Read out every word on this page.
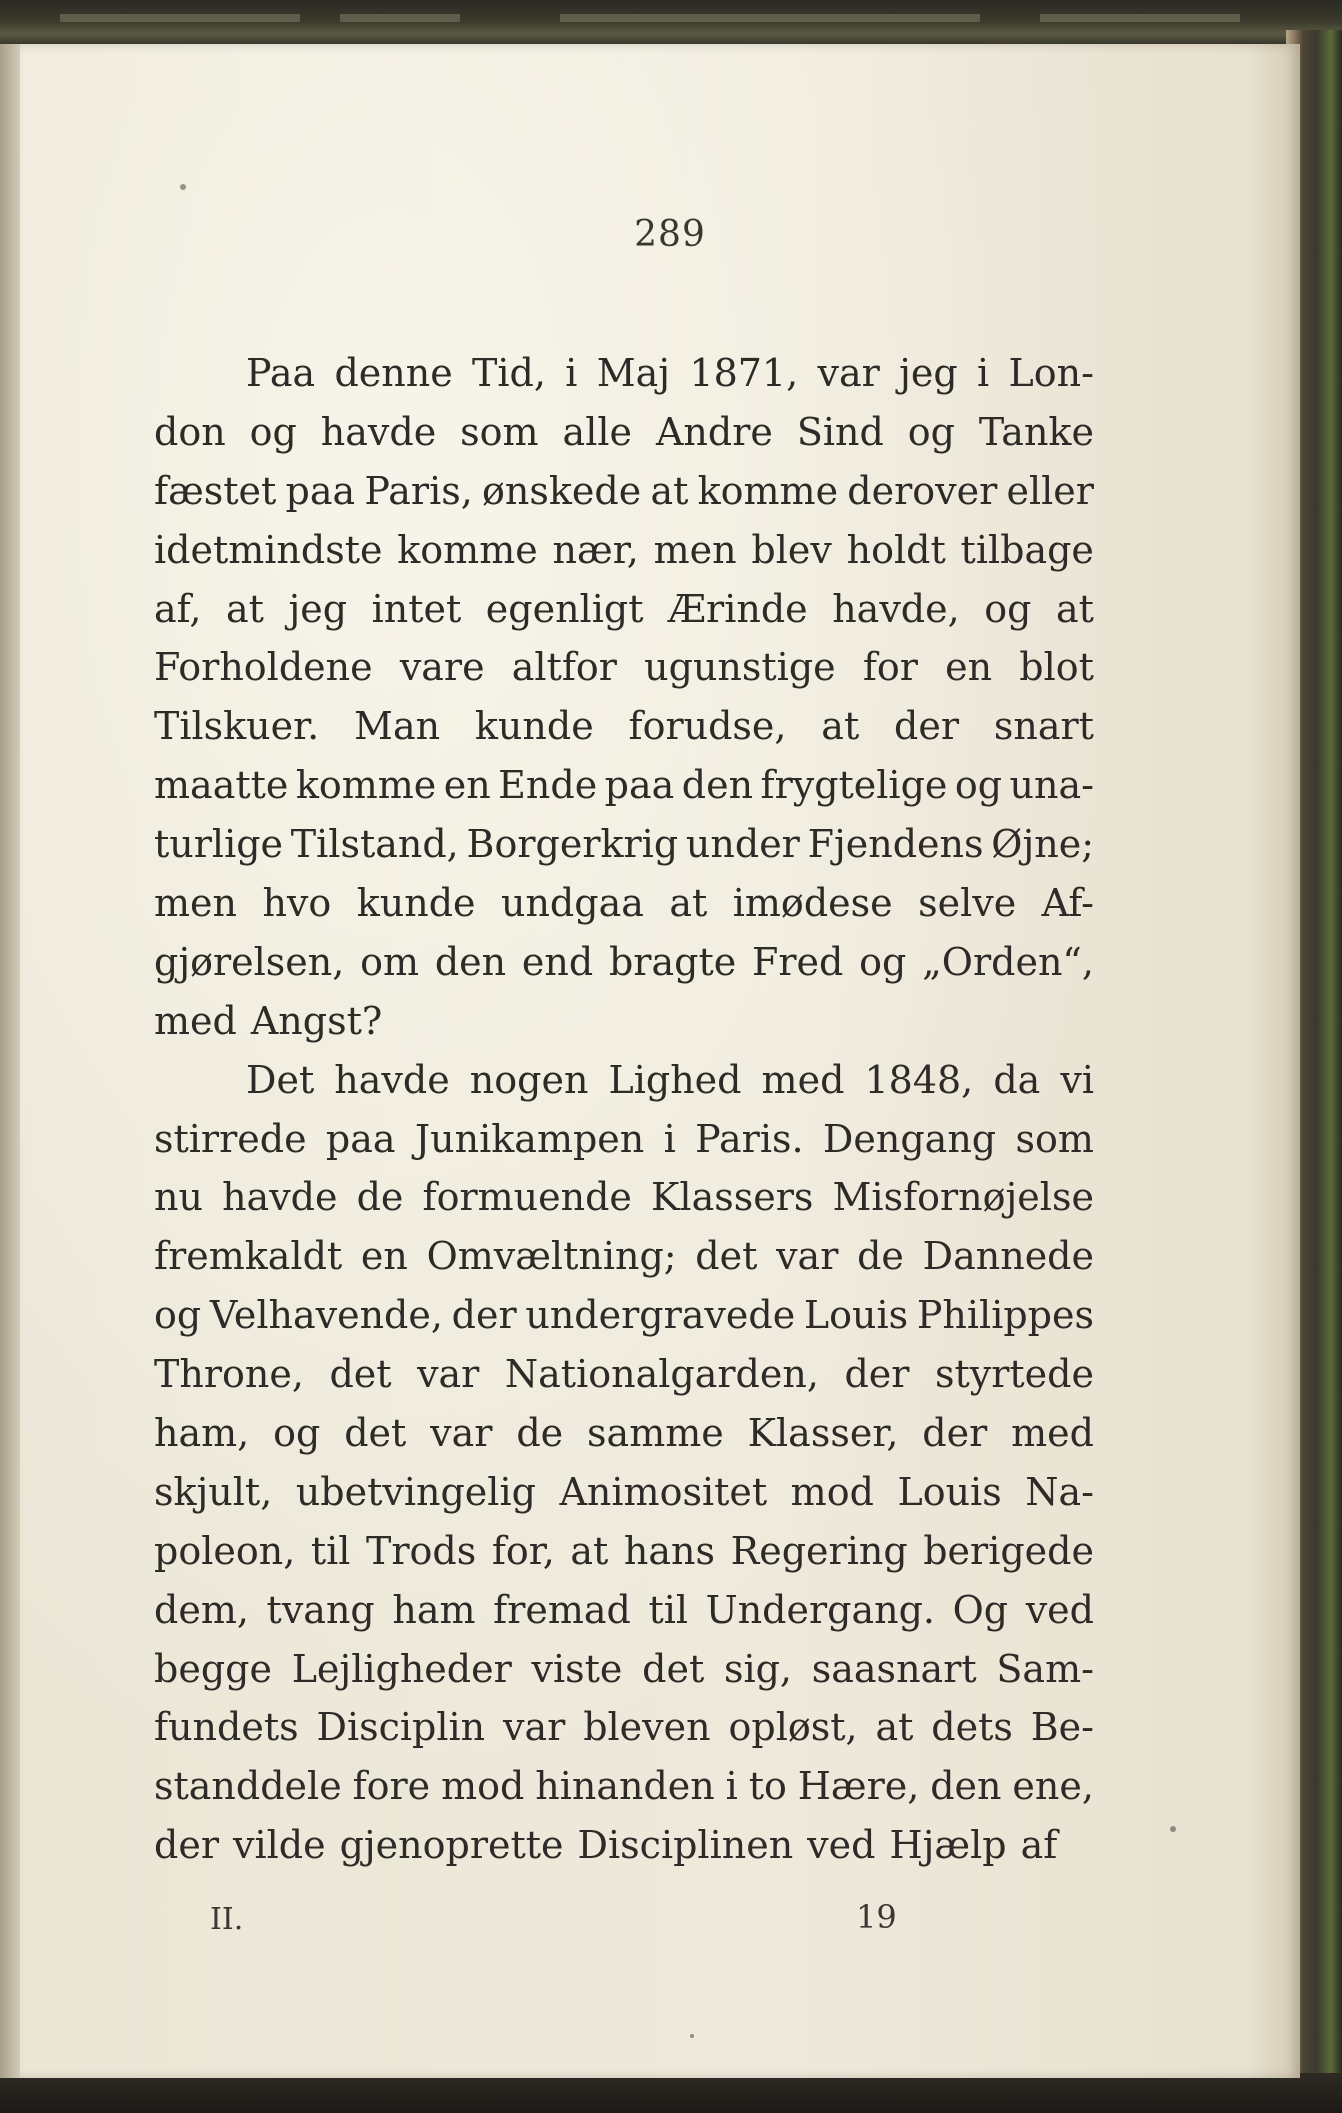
289
Paa denne Tid, i Maj 1871, var jeg i Lon-
don og havde som alle Andre Sind og Tanke
fæstet paa Paris, ønskede at komme derover eller
idetmindste komme nær, men blev holdt tilbage
af, at jeg intet egenligt Ærinde havde, og at
Forholdene vare altfor ugunstige for en blot
Tilskuer. Man kunde forudse, at der snart
maatte komme en Ende paa den frygtelige og una-
turlige Tilstand, Borgerkrig under Fjendens Øjne;
men hvo kunde undgaa at imødese selve Af-
gjørelsen, om den end bragte Fred og „Orden“,
med Angst?
Det havde nogen Lighed med 1848, da vi
stirrede paa Junikampen i Paris. Dengang som
nu havde de formuende Klassers Misfornøjelse
fremkaldt en Omvæltning; det var de Dannede
og Velhavende, der undergravede Louis Philippes
Throne, det var Nationalgarden, der styrtede
ham, og det var de samme Klasser, der med
skjult, ubetvingelig Animositet mod Louis Na-
poleon, til Trods for, at hans Regering berigede
dem, tvang ham fremad til Undergang. Og ved
begge Lejligheder viste det sig, saasnart Sam-
fundets Disciplin var bleven opløst, at dets Be-
standdele fore mod hinanden i to Hære, den ene,
der vilde gjenoprette Disciplinen ved Hjælp af
II.	19
